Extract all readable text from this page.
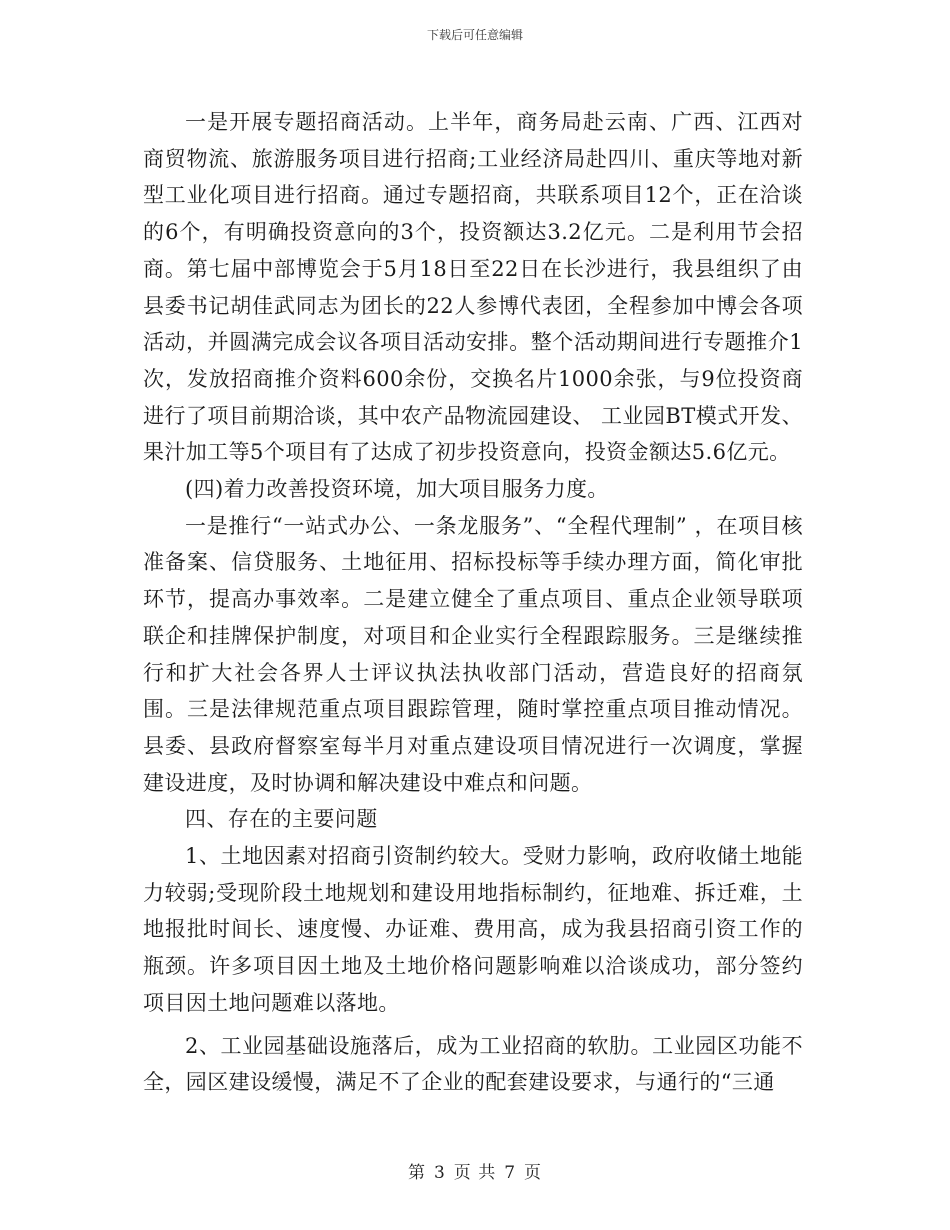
下载后可任意编辑

一是开展专题招商活动。上半年，商务局赴云南、广西、江西对商贸物流、旅游服务项目进行招商;工业经济局赴四川、重庆等地对新型工业化项目进行招商。通过专题招商，共联系项目12个，正在洽谈的6个，有明确投资意向的3个，投资额达3.2亿元。二是利用节会招商。第七届中部博览会于5月18日至22日在长沙进行，我县组织了由县委书记胡佳武同志为团长的22人参博代表团，全程参加中博会各项活动，并圆满完成会议各项目活动安排。整个活动期间进行专题推介1次，发放招商推介资料600余份，交换名片1000余张，与9位投资商进行了项目前期洽谈，其中农产品物流园建设、 工业园BT模式开发、果汁加工等5个项目有了达成了初步投资意向，投资金额达5.6亿元。

(四)着力改善投资环境，加大项目服务力度。

一是推行“一站式办公、一条龙服务”、“全程代理制” ，在项目核准备案、信贷服务、土地征用、招标投标等手续办理方面，简化审批环节，提高办事效率。二是建立健全了重点项目、重点企业领导联项联企和挂牌保护制度，对项目和企业实行全程跟踪服务。三是继续推行和扩大社会各界人士评议执法执收部门活动，营造良好的招商氛围。三是法律规范重点项目跟踪管理，随时掌控重点项目推动情况。县委、县政府督察室每半月对重点建设项目情况进行一次调度，掌握建设进度，及时协调和解决建设中难点和问题。

四、存在的主要问题

1、土地因素对招商引资制约较大。受财力影响，政府收储土地能力较弱;受现阶段土地规划和建设用地指标制约，征地难、拆迁难，土地报批时间长、速度慢、办证难、费用高，成为我县招商引资工作的瓶颈。许多项目因土地及土地价格问题影响难以洽谈成功，部分签约项目因土地问题难以落地。

2、工业园基础设施落后，成为工业招商的软肋。工业园区功能不全，园区建设缓慢，满足不了企业的配套建设要求，与通行的“三通

第 3 页 共 7 页
